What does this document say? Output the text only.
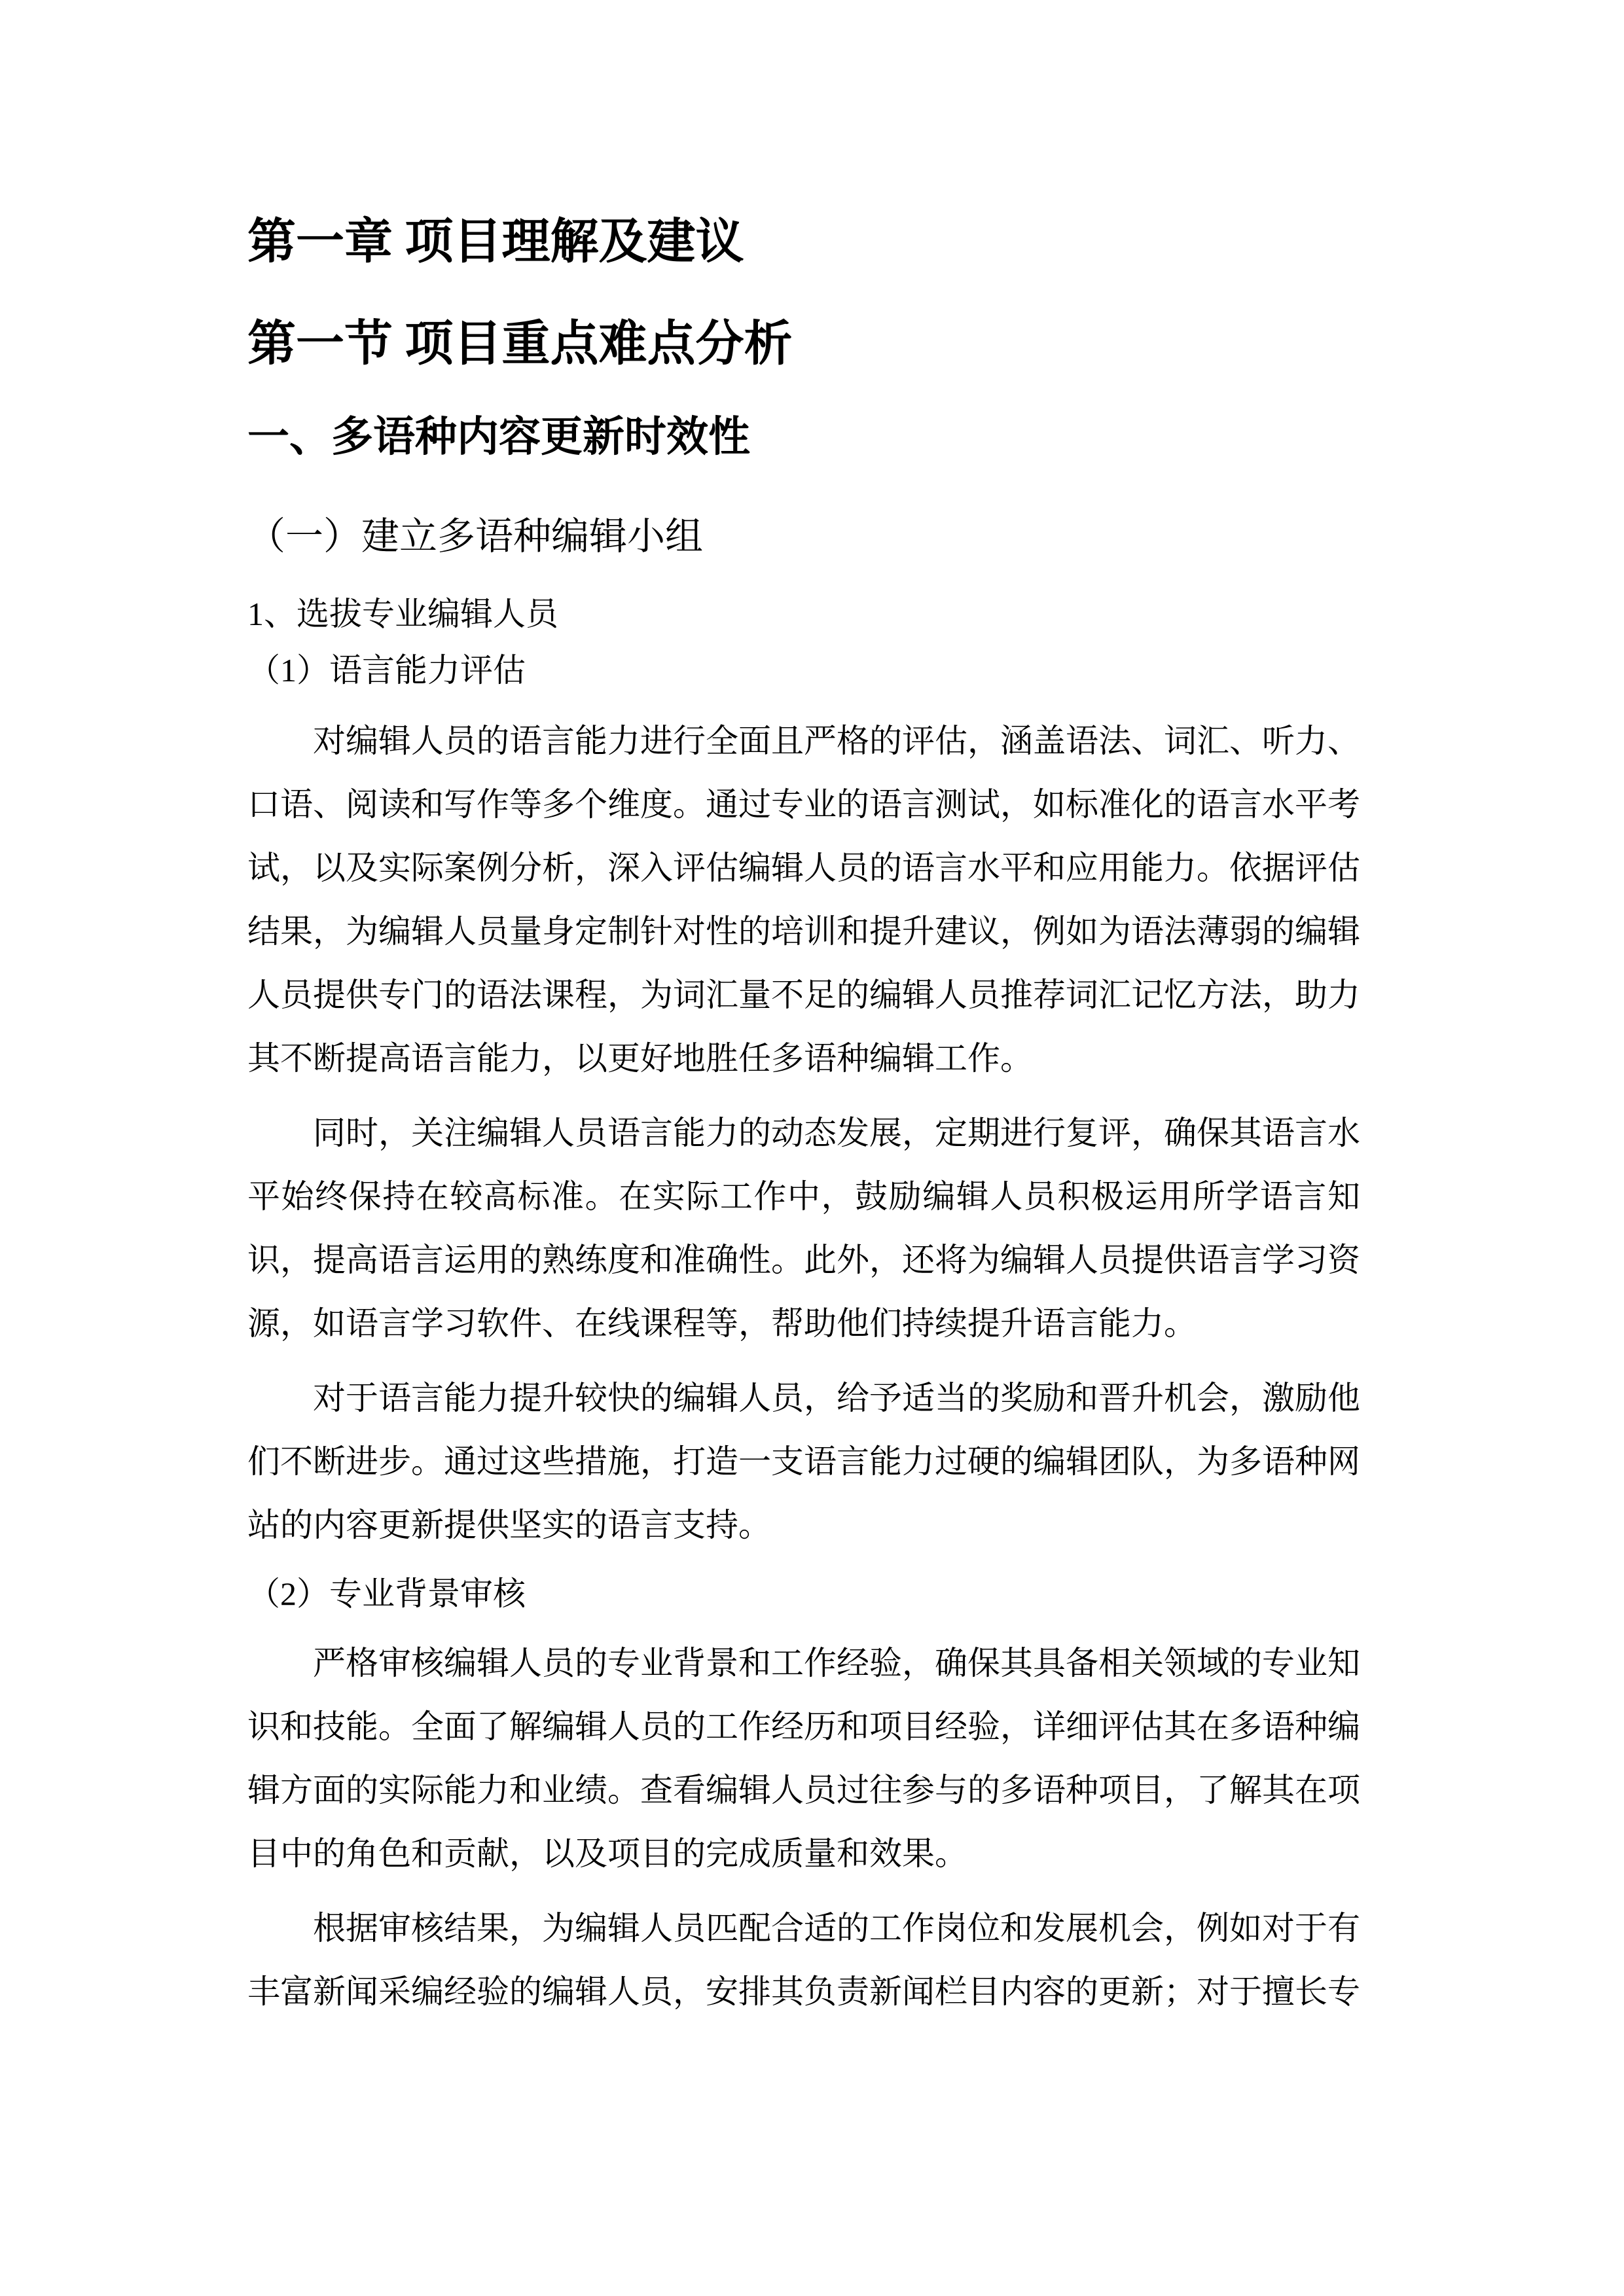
第一章 项目理解及建议
第一节 项目重点难点分析
一、多语种内容更新时效性
（一）建立多语种编辑小组
1、选拔专业编辑人员
（1）语言能力评估

对编辑人员的语言能力进行全面且严格的评估，涵盖语法、词汇、听力、口语、阅读和写作等多个维度。通过专业的语言测试，如标准化的语言水平考试，以及实际案例分析，深入评估编辑人员的语言水平和应用能力。依据评估结果，为编辑人员量身定制针对性的培训和提升建议，例如为语法薄弱的编辑人员提供专门的语法课程，为词汇量不足的编辑人员推荐词汇记忆方法，助力其不断提高语言能力，以更好地胜任多语种编辑工作。

同时，关注编辑人员语言能力的动态发展，定期进行复评，确保其语言水平始终保持在较高标准。在实际工作中，鼓励编辑人员积极运用所学语言知识，提高语言运用的熟练度和准确性。此外，还将为编辑人员提供语言学习资源，如语言学习软件、在线课程等，帮助他们持续提升语言能力。

对于语言能力提升较快的编辑人员，给予适当的奖励和晋升机会，激励他们不断进步。通过这些措施，打造一支语言能力过硬的编辑团队，为多语种网站的内容更新提供坚实的语言支持。

（2）专业背景审核

严格审核编辑人员的专业背景和工作经验，确保其具备相关领域的专业知识和技能。全面了解编辑人员的工作经历和项目经验，详细评估其在多语种编辑方面的实际能力和业绩。查看编辑人员过往参与的多语种项目，了解其在项目中的角色和贡献，以及项目的完成质量和效果。

根据审核结果，为编辑人员匹配合适的工作岗位和发展机会，例如对于有丰富新闻采编经验的编辑人员，安排其负责新闻栏目内容的更新；对于擅长专
